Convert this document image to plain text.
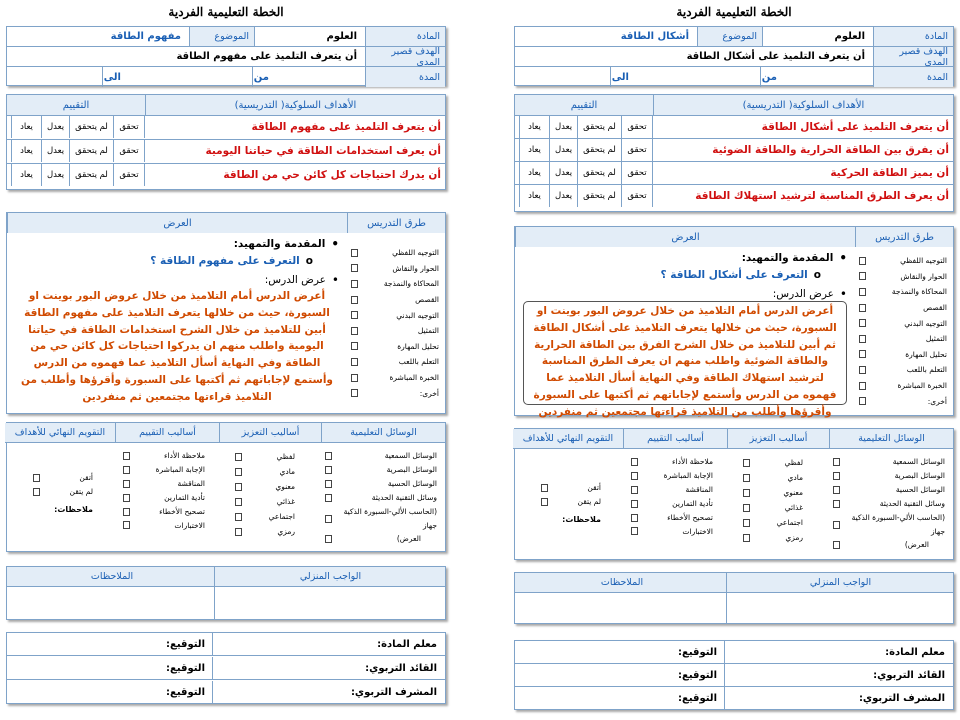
الخطة التعليمية الفردية
المادة
العلوم
الموضوع
أشكال الطاقة
الهدف قصير المدى
أن يتعرف التلميذ على أشكال الطاقة
المدة
من
الى
الأهداف السلوكية( التدريسية)
التقييم
أن يتعرف التلميذ على أشكال الطاقة
تحقق
لم يتحقق
يعدل
يعاد
أن يفرق بين الطاقة الحرارية والطاقة الضوئية
تحقق
لم يتحقق
يعدل
يعاد
أن يميز الطاقة الحركية
تحقق
لم يتحقق
يعدل
يعاد
أن يعرف الطرق المناسبة لترشيد استهلاك الطاقة
تحقق
لم يتحقق
يعدل
يعاد
العرض	طرق التدريس
التوجيه اللفظي
الحوار والنقاش
المحاكاة والنمذجة
القصص
التوجيه البدني
التمثيل
تحليل المهارة
التعلم باللعب
الخبرة المباشرة
أخرى:
•
المقدمة والتمهيد:
oالتعرف على أشكال الطاقة ؟
•
عرض الدرس:
أعرض الدرس أمام التلاميذ من خلال عروض البور بوينت او السبورة، حيث من خلالها يتعرف التلاميذ على أشكال الطاقة ثم أبين للتلاميذ من خلال الشرح الفرق بين الطاقة الحرارية والطاقة الضوئية واطلب منهم ان يعرف الطرق المناسبة لترشيد استهلاك الطاقة وفي النهاية أسأل التلاميذ عما فهموه من الدرس وأستمع لإجاباتهم ثم أكتبها على السبورة وأقرؤها وأطلب من التلاميذ قراءتها مجتمعين ثم منفردين
الوسائل التعليمية
أساليب التعزيز
أساليب التقييم
التقويم النهائي للأهداف
الوسائل السمعية
الوسائل البصرية
الوسائل الحسية
وسائل التقنية الحديثة
(الحاسب الألي-السبورة الذكية جهاز
العرض)
لفظي
مادي
معنوي
غذائي
اجتماعي
رمزي
ملاحظة الأداء
الإجابة المباشرة
المناقشة
تأدية التمارين
تصحيح الأخطاء
الاختبارات
أتقن
لم يتقن
ملاحظات:
الواجب المنزلي
الملاحظات
معلم المادة:
التوقيع:
القائد التربوي:
التوقيع:
المشرف التربوي:
التوقيع:
الخطة التعليمية الفردية
المادة
العلوم
الموضوع
مفهوم الطاقة
الهدف قصير المدى
أن يتعرف التلميذ على مفهوم الطاقة
المدة
من
الى
الأهداف السلوكية( التدريسية)
التقييم
أن يتعرف التلميذ على مفهوم الطاقة
تحقق
لم يتحقق
يعدل
يعاد
أن يعرف استخدامات الطاقة في حياتنا اليومية
تحقق
لم يتحقق
يعدل
يعاد
أن يدرك احتياجات كل كائن حي من الطاقة
تحقق
لم يتحقق
يعدل
يعاد
العرض	طرق التدريس
التوجيه اللفظي
الحوار والنقاش
المحاكاة والنمذجة
القصص
التوجيه البدني
التمثيل
تحليل المهارة
التعلم باللعب
الخبرة المباشرة
أخرى:
•
المقدمة والتمهيد:
oالتعرف على مفهوم الطاقة ؟
•
عرض الدرس:
أعرض الدرس أمام التلاميذ من خلال عروض البور بوينت او السبورة، حيث من خلالها يتعرف التلاميذ على مفهوم الطاقة أبين للتلاميذ من خلال الشرح استخدامات الطاقة في حياتنا اليومية واطلب منهم ان يدركوا احتياجات كل كائن حي من الطاقة وفي النهاية أسأل التلاميذ عما فهموه من الدرس وأستمع لإجاباتهم ثم أكتبها على السبورة وأقرؤها وأطلب من التلاميذ قراءتها مجتمعين ثم منفردين
الوسائل التعليمية
أساليب التعزيز
أساليب التقييم
التقويم النهائي للأهداف
الوسائل السمعية
الوسائل البصرية
الوسائل الحسية
وسائل التقنية الحديثة
(الحاسب الألي-السبورة الذكية جهاز
العرض)
لفظي
مادي
معنوي
غذائي
اجتماعي
رمزي
ملاحظة الأداء
الإجابة المباشرة
المناقشة
تأدية التمارين
تصحيح الأخطاء
الاختبارات
أتقن
لم يتقن
ملاحظات:
الواجب المنزلي
الملاحظات
معلم المادة:
التوقيع:
القائد التربوي:
التوقيع:
المشرف التربوي:
التوقيع:
